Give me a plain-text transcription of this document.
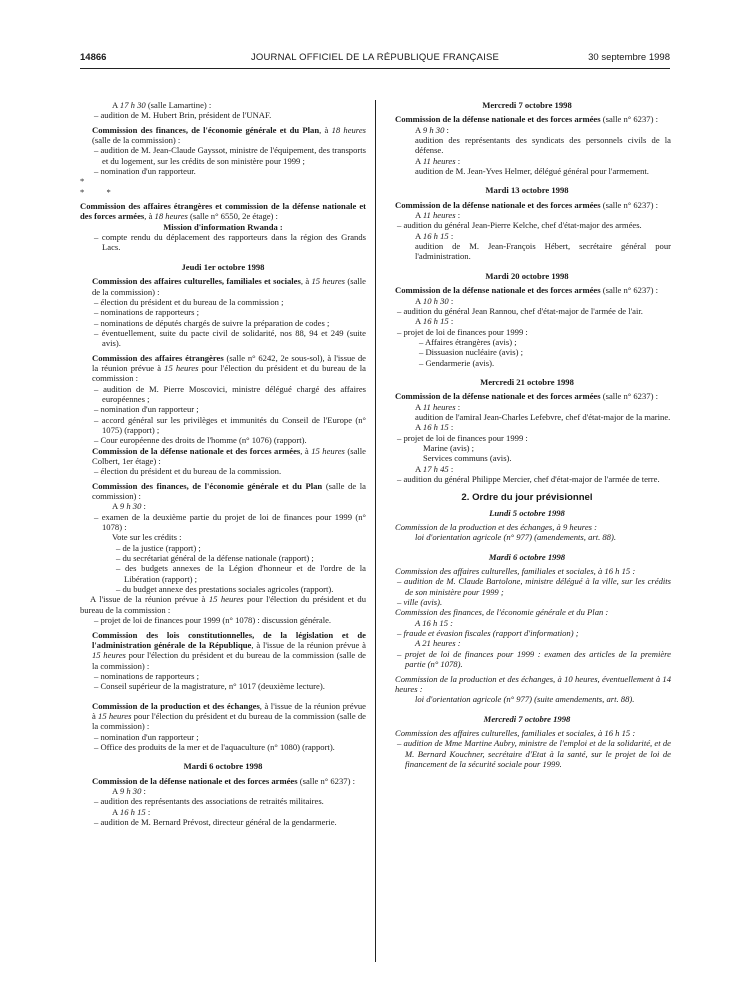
14866	JOURNAL OFFICIEL DE LA RÉPUBLIQUE FRANÇAISE	30 septembre 1998

A 17 h 30 (salle Lamartine) :

– audition de M. Hubert Brin, président de l'UNAF.

Commission des finances, de l'économie générale et du Plan, à 18 heures (salle de la commission) :

– audition de M. Jean-Claude Gayssot, ministre de l'équipement, des transports et du logement, sur les crédits de son ministère pour 1999 ;

– nomination d'un rapporteur.

*

* *

Commission des affaires étrangères et commission de la défense nationale et des forces armées, à 18 heures (salle n° 6550, 2e étage) :

Mission d'information Rwanda :

– compte rendu du déplacement des rapporteurs dans la région des Grands Lacs.

Jeudi 1er octobre 1998

Commission des affaires culturelles, familiales et sociales, à 15 heures (salle de la commission) :

– élection du président et du bureau de la commission ;

– nominations de rapporteurs ;

– nominations de députés chargés de suivre la préparation de codes ;

– éventuellement, suite du pacte civil de solidarité, nos 88, 94 et 249 (suite avis).

Commission des affaires étrangères (salle n° 6242, 2e sous-sol), à l'issue de la réunion prévue à 15 heures pour l'élection du président et du bureau de la commission :

– audition de M. Pierre Moscovici, ministre délégué chargé des affaires européennes ;

– nomination d'un rapporteur ;

– accord général sur les privilèges et immunités du Conseil de l'Europe (n° 1075) (rapport) ;

– Cour européenne des droits de l'homme (n° 1076) (rapport).

Commission de la défense nationale et des forces armées, à 15 heures (salle Colbert, 1er étage) :

– élection du président et du bureau de la commission.

Commission des finances, de l'économie générale et du Plan (salle de la commission) :

A 9 h 30 :

– examen de la deuxième partie du projet de loi de finances pour 1999 (n° 1078) :

Vote sur les crédits :

– de la justice (rapport) ;

– du secrétariat général de la défense nationale (rapport) ;

– des budgets annexes de la Légion d'honneur et de l'ordre de la Libération (rapport) ;

– du budget annexe des prestations sociales agricoles (rapport).

A l'issue de la réunion prévue à 15 heures pour l'élection du président et du bureau de la commission :

– projet de loi de finances pour 1999 (n° 1078) : discussion générale.

Commission des lois constitutionnelles, de la législation et de l'administration générale de la République, à l'issue de la réunion prévue à 15 heures pour l'élection du président et du bureau de la commission (salle de la commission) :

– nominations de rapporteurs ;

– Conseil supérieur de la magistrature, n° 1017 (deuxième lecture).

Commission de la production et des échanges, à l'issue de la réunion prévue à 15 heures pour l'élection du président et du bureau de la commission (salle de la commission) :

– nomination d'un rapporteur ;

– Office des produits de la mer et de l'aquaculture (n° 1080) (rapport).

Mardi 6 octobre 1998

Commission de la défense nationale et des forces armées (salle n° 6237) :

A 9 h 30 :

– audition des représentants des associations de retraités militaires.

A 16 h 15 :

– audition de M. Bernard Prévost, directeur général de la gendarmerie.

Mercredi 7 octobre 1998

Commission de la défense nationale et des forces armées (salle n° 6237) :

A 9 h 30 :

audition des représentants des syndicats des personnels civils de la défense.

A 11 heures :

audition de M. Jean-Yves Helmer, délégué général pour l'armement.

Mardi 13 octobre 1998

Commission de la défense nationale et des forces armées (salle n° 6237) :

A 11 heures :

– audition du général Jean-Pierre Kelche, chef d'état-major des armées.

A 16 h 15 :

audition de M. Jean-François Hébert, secrétaire général pour l'administration.

Mardi 20 octobre 1998

Commission de la défense nationale et des forces armées (salle n° 6237) :

A 10 h 30 :

– audition du général Jean Rannou, chef d'état-major de l'armée de l'air.

A 16 h 15 :

– projet de loi de finances pour 1999 :

– Affaires étrangères (avis) ;

– Dissuasion nucléaire (avis) ;

– Gendarmerie (avis).

Mercredi 21 octobre 1998

Commission de la défense nationale et des forces armées (salle n° 6237) :

A 11 heures :

audition de l'amiral Jean-Charles Lefebvre, chef d'état-major de la marine.

A 16 h 15 :

– projet de loi de finances pour 1999 :

Marine (avis) ;

Services communs (avis).

A 17 h 45 :

– audition du général Philippe Mercier, chef d'état-major de l'armée de terre.

2. Ordre du jour prévisionnel

Lundi 5 octobre 1998

Commission de la production et des échanges, à 9 heures :

loi d'orientation agricole (n° 977) (amendements, art. 88).

Mardi 6 octobre 1998

Commission des affaires culturelles, familiales et sociales, à 16 h 15 :

– audition de M. Claude Bartolone, ministre délégué à la ville, sur les crédits de son ministère pour 1999 ;

– ville (avis).

Commission des finances, de l'économie générale et du Plan :

A 16 h 15 :

– fraude et évasion fiscales (rapport d'information) ;

A 21 heures :

– projet de loi de finances pour 1999 : examen des articles de la première partie (n° 1078).

Commission de la production et des échanges, à 10 heures, éventuellement à 14 heures :

loi d'orientation agricole (n° 977) (suite amendements, art. 88).

Mercredi 7 octobre 1998

Commission des affaires culturelles, familiales et sociales, à 16 h 15 :

– audition de Mme Martine Aubry, ministre de l'emploi et de la solidarité, et de M. Bernard Kouchner, secrétaire d'Etat à la santé, sur le projet de loi de financement de la sécurité sociale pour 1999.
